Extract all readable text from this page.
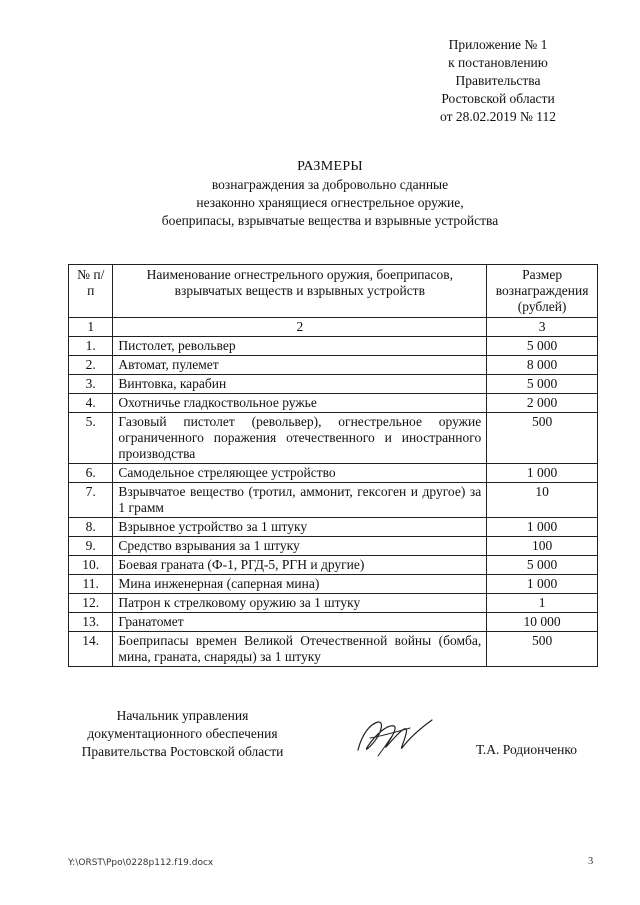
Приложение № 1
к постановлению
Правительства
Ростовской области
от 28.02.2019 № 112
РАЗМЕРЫ
вознаграждения за добровольно сданные
незаконно хранящиеся огнестрельное оружие,
боеприпасы, взрывчатые вещества и взрывные устройства
№ п/п	Наименование огнестрельного оружия, боеприпасов, взрывчатых веществ и взрывных устройств	Размер вознаграждения (рублей)
1	2	3
1.	Пистолет, револьвер	5 000
2.	Автомат, пулемет	8 000
3.	Винтовка, карабин	5 000
4.	Охотничье гладкоствольное ружье	2 000
5.	Газовый пистолет (револьвер), огнестрельное оружие ограниченного поражения отечественного и иностранного производства	500
6.	Самодельное стреляющее устройство	1 000
7.	Взрывчатое вещество (тротил, аммонит, гексоген и другое) за 1 грамм	10
8.	Взрывное устройство за 1 штуку	1 000
9.	Средство взрывания за 1 штуку	100
10.	Боевая граната (Ф-1, РГД-5, РГН и другие)	5 000
11.	Мина инженерная (саперная мина)	1 000
12.	Патрон к стрелковому оружию за 1 штуку	1
13.	Гранатомет	10 000
14.	Боеприпасы времен Великой Отечественной войны (бомба, мина, граната, снаряды) за 1 штуку	500
Начальник управления
документационного обеспечения
Правительства Ростовской области	Т.А. Родионченко
Y:\ORST\Ppo\0228p112.f19.docx	3
